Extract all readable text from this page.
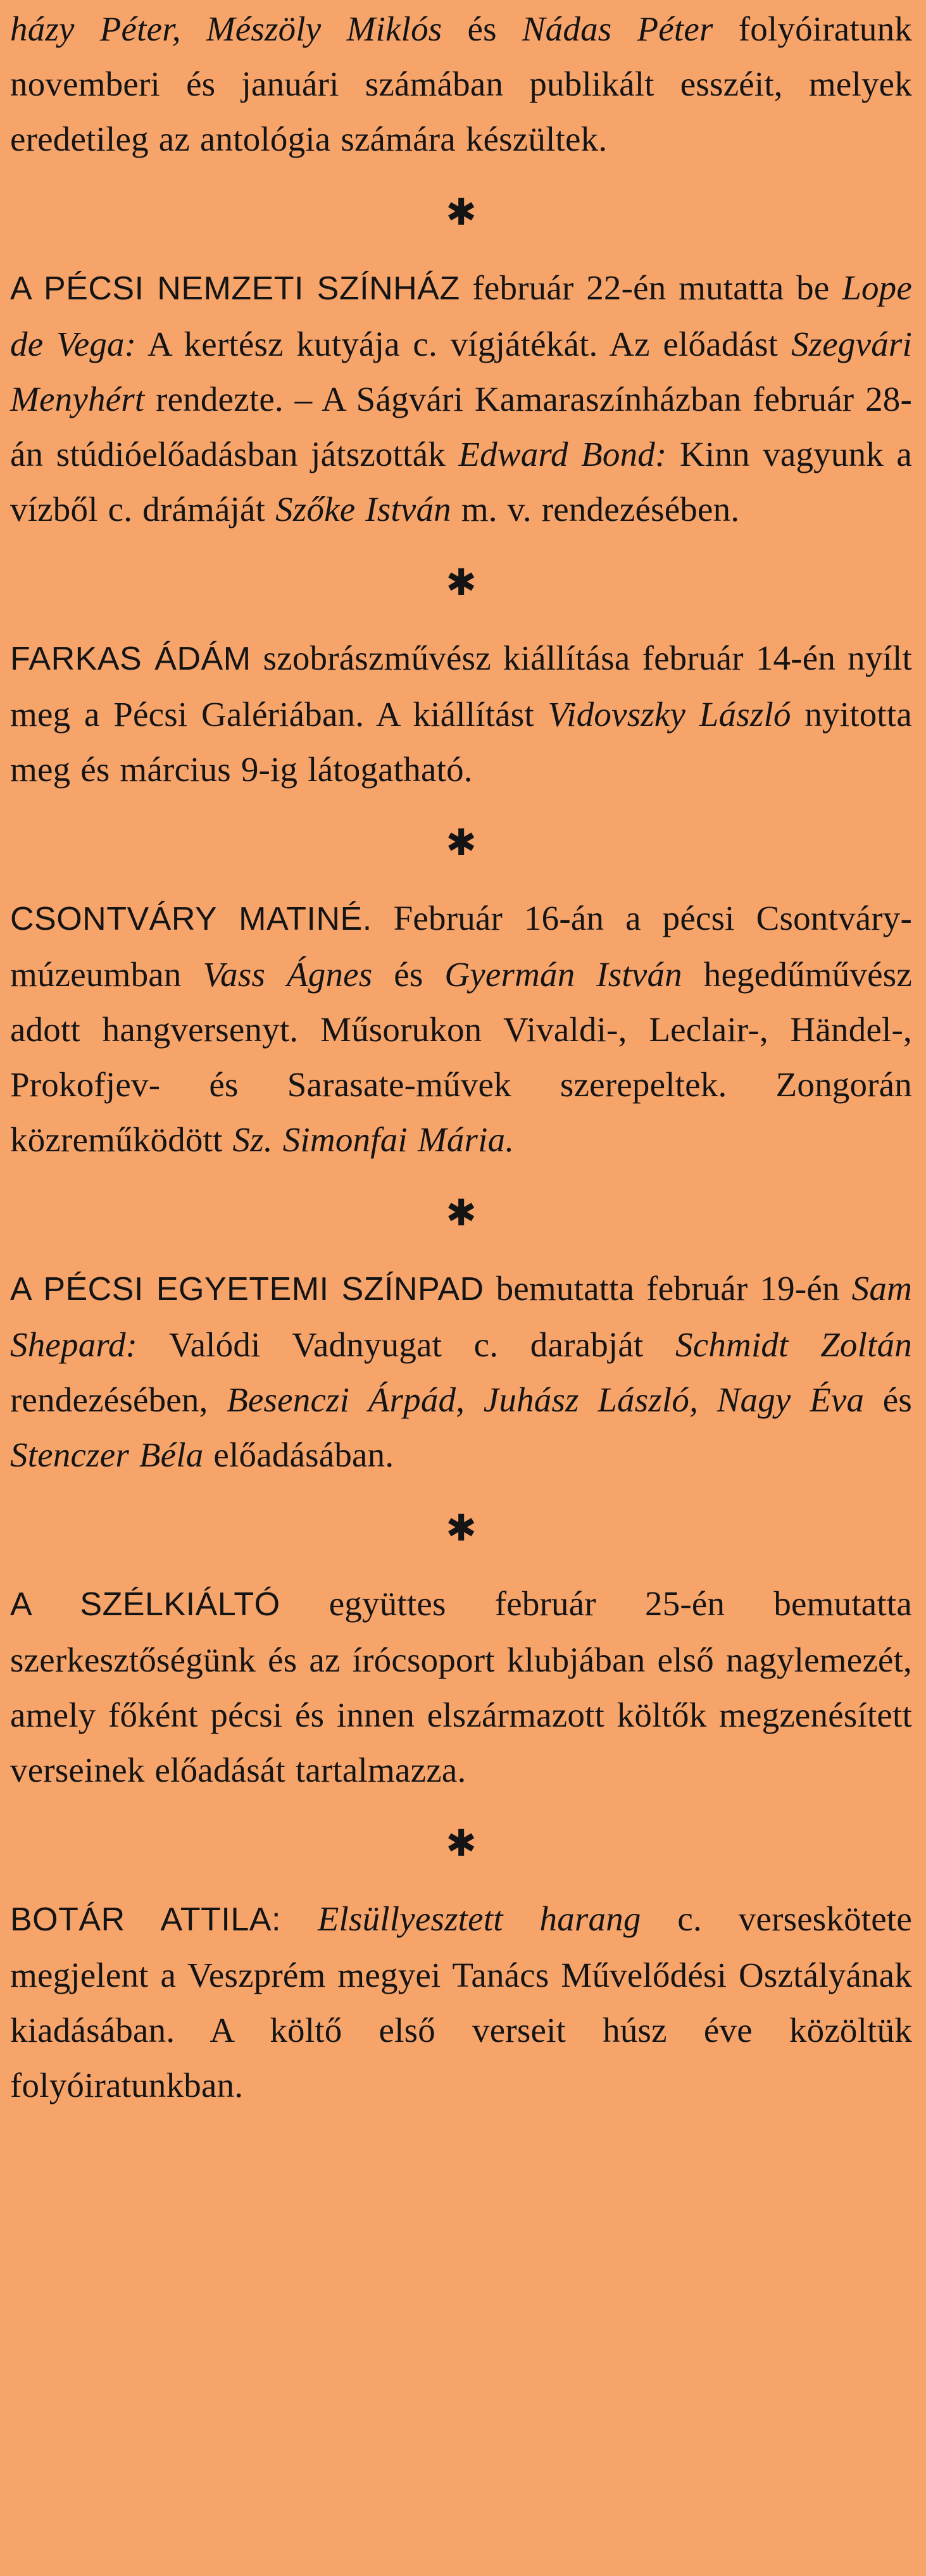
házy Péter, Mészöly Miklós és Nádas Péter folyóiratunk novemberi és januári számában publikált esszéit, melyek eredetileg az antológia számára készültek.

✱

A PÉCSI NEMZETI SZÍNHÁZ február 22-én mutatta be Lope de Vega: A kertész kutyája c. vígjátékát. Az előadást Szegvári Menyhért rendezte. – A Ságvári Kamaraszínházban február 28-án stúdióelőadásban játszották Edward Bond: Kinn vagyunk a vízből c. drámáját Szőke István m. v. rendezésében.

✱

FARKAS ÁDÁM szobrászművész kiállítása február 14-én nyílt meg a Pécsi Galériában. A kiállítást Vidovszky László nyitotta meg és március 9-ig látogatható.

✱

CSONTVÁRY MATINÉ. Február 16-án a pécsi Csontváry-múzeumban Vass Ágnes és Gyermán István hegedűművész adott hangversenyt. Műsorukon Vivaldi-, Leclair-, Händel-, Prokofjev- és Sarasate-művek szerepeltek. Zongorán közreműködött Sz. Simonfai Mária.

✱

A PÉCSI EGYETEMI SZÍNPAD bemutatta február 19-én Sam Shepard: Valódi Vadnyugat c. darabját Schmidt Zoltán rendezésében, Besenczi Árpád, Juhász László, Nagy Éva és Stenczer Béla előadásában.

✱

A SZÉLKIÁLTÓ együttes február 25-én bemutatta szerkesztőségünk és az írócsoport klubjában első nagylemezét, amely főként pécsi és innen elszármazott költők megzenésített verseinek előadását tartalmazza.

✱

BOTÁR ATTILA: Elsüllyesztett harang c. verseskötete megjelent a Veszprém megyei Tanács Művelődési Osztályának kiadásában. A költő első verseit húsz éve közöltük folyóiratunkban.
